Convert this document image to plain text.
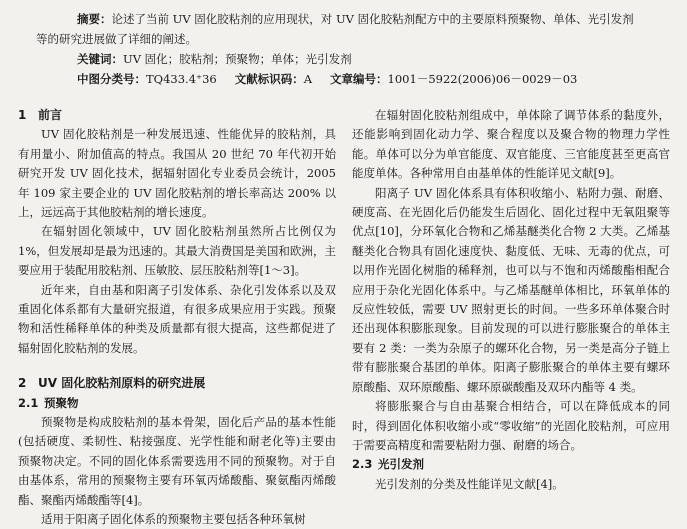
摘要：论述了当前 UV 固化胶粘剂的应用现状，对 UV 固化胶粘剂配方中的主要原料预聚物、单体、光引发剂
等的研究进展做了详细的阐述。
关键词：UV 固化；胶粘剂；预聚物；单体；光引发剂
中图分类号：TQ433.4⁺36 文献标识码：A 文章编号：1001－5922(2006)06－0029－03
1 前言

UV 固化胶粘剂是一种发展迅速、性能优异的胶粘剂，具有用量小、附加值高的特点。我国从 20 世纪 70 年代初开始研究开发 UV 固化技术，据辐射固化专业委员会统计，2005 年 109 家主要企业的 UV 固化胶粘剂的增长率高达 200% 以上，远远高于其他胶粘剂的增长速度。

在辐射固化领域中，UV 固化胶粘剂虽然所占比例仅为 1%，但发展却是最为迅速的。其最大消费国是美国和欧洲，主要应用于装配用胶粘剂、压敏胶、层压胶粘剂等[1～3]。

近年来，自由基和阳离子引发体系、杂化引发体系以及双重固化体系都有大量研究报道，有很多成果应用于实践。预聚物和活性稀释单体的种类及质量都有很大提高，这些都促进了辐射固化胶粘剂的发展。

2 UV 固化胶粘剂原料的研究进展
2.1 预聚物

预聚物是构成胶粘剂的基本骨架，固化后产品的基本性能(包括硬度、柔韧性、粘接强度、光学性能和耐老化等)主要由预聚物决定。不同的固化体系需要选用不同的预聚物。对于自由基体系，常用的预聚物主要有环氧丙烯酸酯、聚氨酯丙烯酸酯、聚酯丙烯酸酯等[4]。

适用于阳离子固化体系的预聚物主要包括各种环氧树

在辐射固化胶粘剂组成中，单体除了调节体系的黏度外，还能影响到固化动力学、聚合程度以及聚合物的物理力学性能。单体可以分为单官能度、双官能度、三官能度甚至更高官能度单体。各种常用自由基单体的性能详见文献[9]。

阳离子 UV 固化体系具有体积收缩小、粘附力强、耐磨、硬度高、在光固化后仍能发生后固化、固化过程中无氧阻聚等优点[10]，分环氧化合物和乙烯基醚类化合物 2 大类。乙烯基醚类化合物具有固化速度快、黏度低、无味、无毒的优点，可以用作光固化树脂的稀释剂，也可以与不饱和丙烯酸酯相配合应用于杂化光固化体系中。与乙烯基醚单体相比，环氧单体的反应性较低，需要 UV 照射更长的时间。一些多环单体聚合时还出现体积膨胀现象。目前发现的可以进行膨胀聚合的单体主要有 2 类：一类为杂原子的螺环化合物，另一类是高分子链上带有膨胀聚合基团的单体。阳离子膨胀聚合的单体主要有螺环原酸酯、双环原酸酯、螺环原碳酸酯及双环内酯等 4 类。

将膨胀聚合与自由基聚合相结合，可以在降低成本的同时，得到固化体积收缩小或“零收缩”的光固化胶粘剂，可应用于需要高精度和需要粘附力强、耐磨的场合。

2.3 光引发剂

光引发剂的分类及性能详见文献[4]。
